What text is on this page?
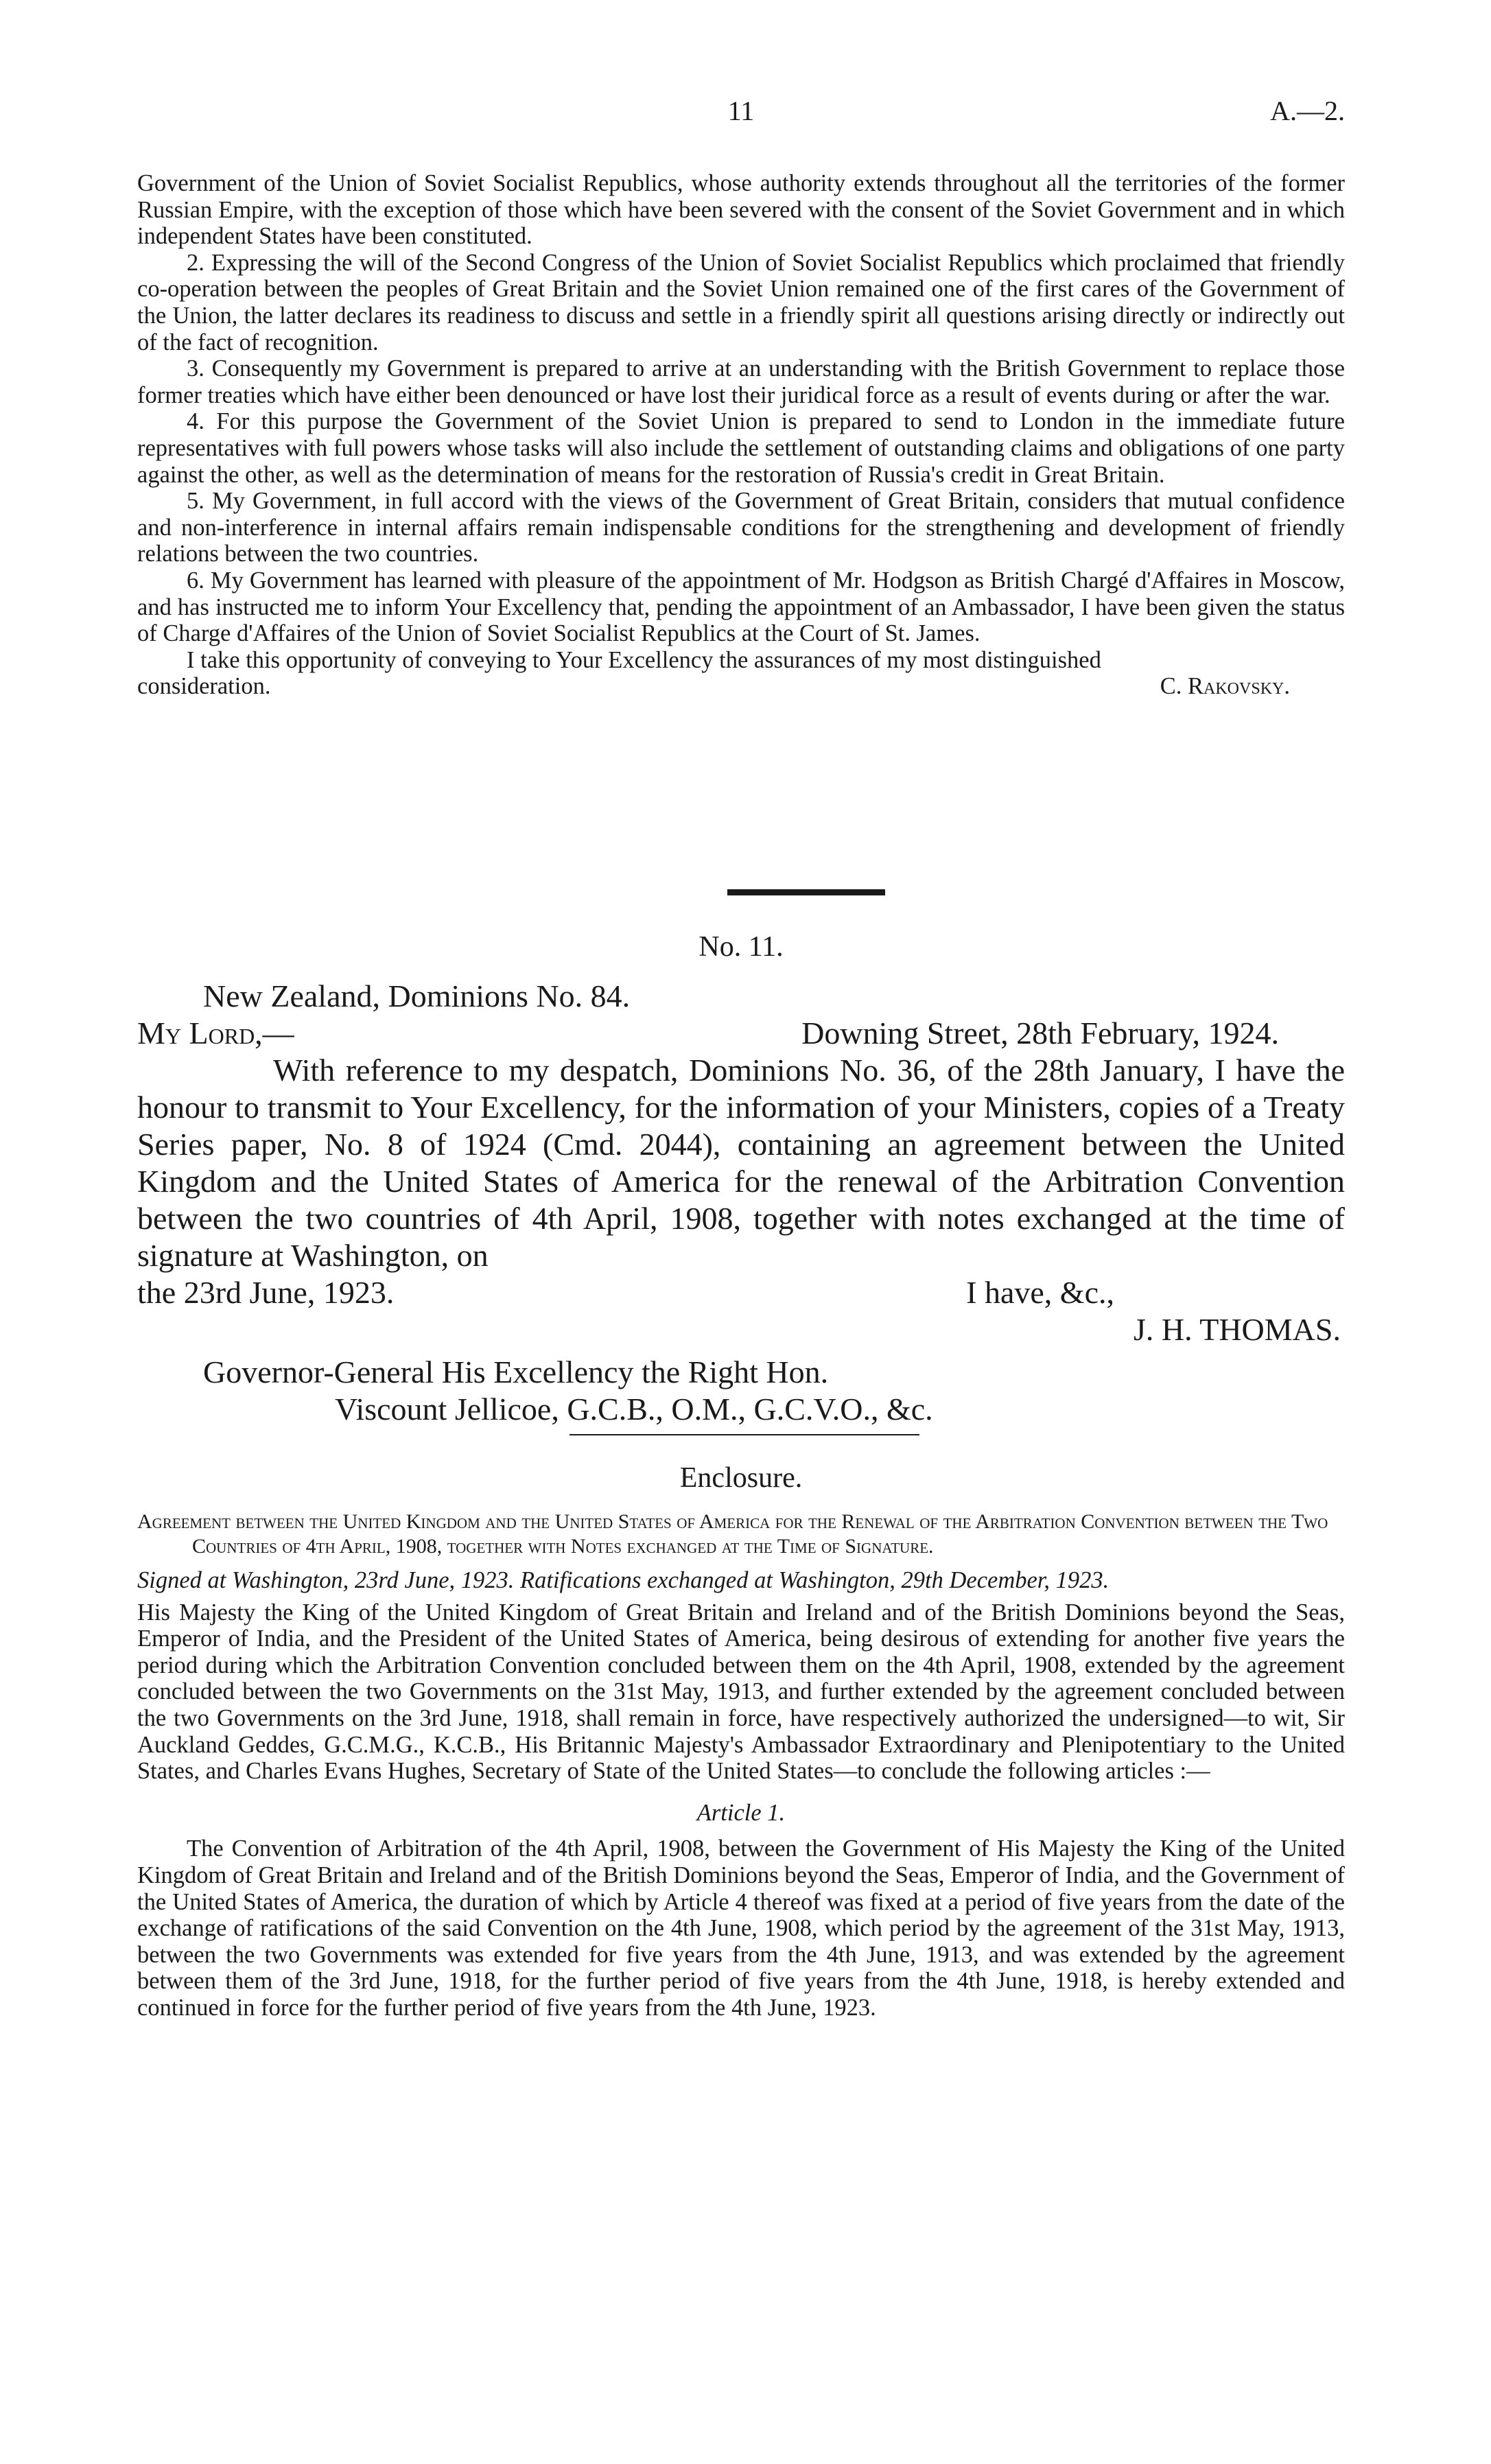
11	A.—2.

Government of the Union of Soviet Socialist Republics, whose authority extends throughout all the territories of the former Russian Empire, with the exception of those which have been severed with the consent of the Soviet Government and in which independent States have been constituted.

2. Expressing the will of the Second Congress of the Union of Soviet Socialist Republics which proclaimed that friendly co-operation between the peoples of Great Britain and the Soviet Union remained one of the first cares of the Government of the Union, the latter declares its readiness to discuss and settle in a friendly spirit all questions arising directly or indirectly out of the fact of recognition.

3. Consequently my Government is prepared to arrive at an understanding with the British Government to replace those former treaties which have either been denounced or have lost their juridical force as a result of events during or after the war.

4. For this purpose the Government of the Soviet Union is prepared to send to London in the immediate future representatives with full powers whose tasks will also include the settlement of outstanding claims and obligations of one party against the other, as well as the determination of means for the restoration of Russia's credit in Great Britain.

5. My Government, in full accord with the views of the Government of Great Britain, considers that mutual confidence and non-interference in internal affairs remain indispensable conditions for the strengthening and development of friendly relations between the two countries.

6. My Government has learned with pleasure of the appointment of Mr. Hodgson as British Chargé d'Affaires in Moscow, and has instructed me to inform Your Excellency that, pending the appointment of an Ambassador, I have been given the status of Charge d'Affaires of the Union of Soviet Socialist Republics at the Court of St. James.

I take this opportunity of conveying to Your Excellency the assurances of my most distinguished

consideration.	C. Rakovsky.
No. 11.

New Zealand, Dominions No. 84.

My Lord,—	Downing Street, 28th February, 1924.

With reference to my despatch, Dominions No. 36, of the 28th January, I have the honour to transmit to Your Excellency, for the information of your Ministers, copies of a Treaty Series paper, No. 8 of 1924 (Cmd. 2044), containing an agreement between the United Kingdom and the United States of America for the renewal of the Arbitration Convention between the two countries of 4th April, 1908, together with notes exchanged at the time of signature at Washington, on

the 23rd June, 1923.	I have, &c.,
J. H. THOMAS.

Governor-General His Excellency the Right Hon.

Viscount Jellicoe, G.C.B., O.M., G.C.V.O., &c.

Enclosure.

Agreement between the United Kingdom and the United States of America for the Renewal of the Arbitration Convention between the Two Countries of 4th April, 1908, together with Notes exchanged at the Time of Signature.

Signed at Washington, 23rd June, 1923. Ratifications exchanged at Washington, 29th December, 1923.

His Majesty the King of the United Kingdom of Great Britain and Ireland and of the British Dominions beyond the Seas, Emperor of India, and the President of the United States of America, being desirous of extending for another five years the period during which the Arbitration Convention concluded between them on the 4th April, 1908, extended by the agreement concluded between the two Governments on the 31st May, 1913, and further extended by the agreement concluded between the two Governments on the 3rd June, 1918, shall remain in force, have respectively authorized the undersigned—to wit, Sir Auckland Geddes, G.C.M.G., K.C.B., His Britannic Majesty's Ambassador Extraordinary and Plenipotentiary to the United States, and Charles Evans Hughes, Secretary of State of the United States—to conclude the following articles :—

Article 1.

The Convention of Arbitration of the 4th April, 1908, between the Government of His Majesty the King of the United Kingdom of Great Britain and Ireland and of the British Dominions beyond the Seas, Emperor of India, and the Government of the United States of America, the duration of which by Article 4 thereof was fixed at a period of five years from the date of the exchange of ratifications of the said Convention on the 4th June, 1908, which period by the agreement of the 31st May, 1913, between the two Governments was extended for five years from the 4th June, 1913, and was extended by the agreement between them of the 3rd June, 1918, for the further period of five years from the 4th June, 1918, is hereby extended and continued in force for the further period of five years from the 4th June, 1923.
